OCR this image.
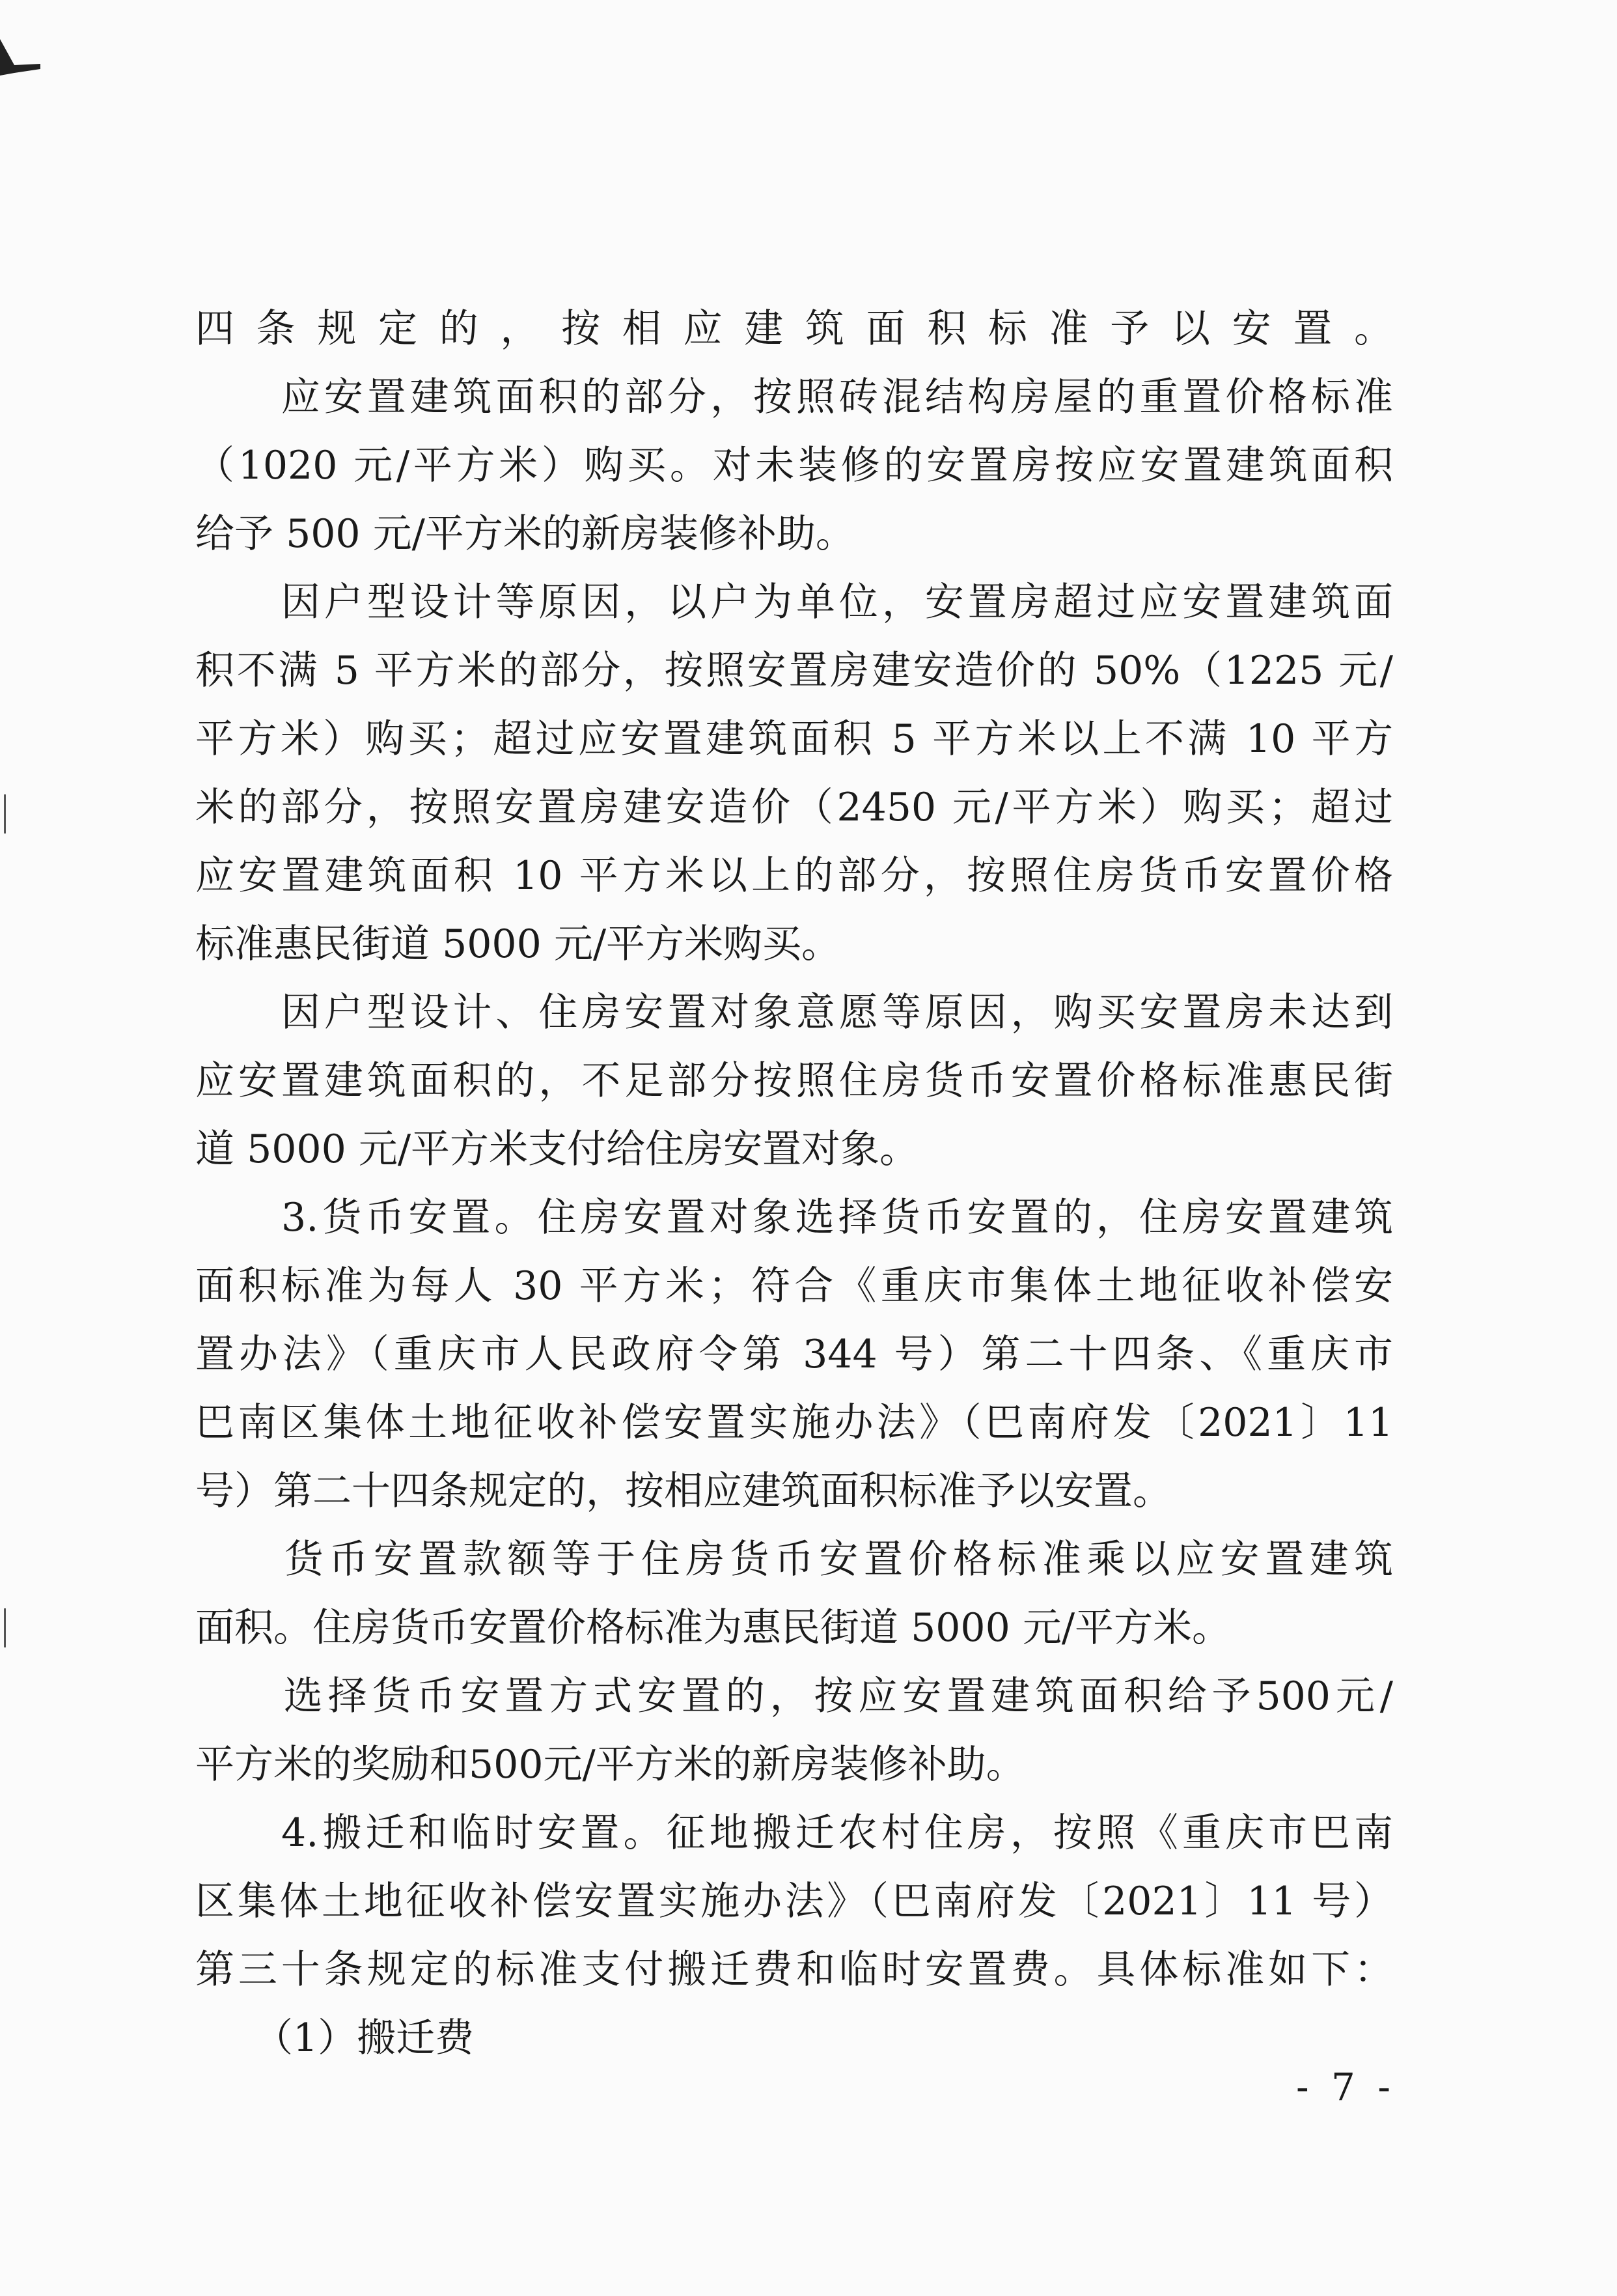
四条规定的，按相应建筑面积标准予以安置。
　　应安置建筑面积的部分，按照砖混结构房屋的重置价格标准
（1020 元/平方米）购买。对未装修的安置房按应安置建筑面积
给予 500 元/平方米的新房装修补助。
　　因户型设计等原因，以户为单位，安置房超过应安置建筑面
积不满 5 平方米的部分，按照安置房建安造价的 50%（1225 元/
平方米）购买；超过应安置建筑面积 5 平方米以上不满 10 平方
米的部分，按照安置房建安造价（2450 元/平方米）购买；超过
应安置建筑面积 10 平方米以上的部分，按照住房货币安置价格
标准惠民街道 5000 元/平方米购买。
　　因户型设计、住房安置对象意愿等原因，购买安置房未达到
应安置建筑面积的，不足部分按照住房货币安置价格标准惠民街
道 5000 元/平方米支付给住房安置对象。
　　3.货币安置。住房安置对象选择货币安置的，住房安置建筑
面积标准为每人 30 平方米；符合《重庆市集体土地征收补偿安
置办法》（重庆市人民政府令第 344 号）第二十四条、《重庆市
巴南区集体土地征收补偿安置实施办法》（巴南府发〔2021〕11
号）第二十四条规定的，按相应建筑面积标准予以安置。
　　货币安置款额等于住房货币安置价格标准乘以应安置建筑
面积。住房货币安置价格标准为惠民街道 5000 元/平方米。
　　选择货币安置方式安置的，按应安置建筑面积给予500元/
平方米的奖励和500元/平方米的新房装修补助。
　　4.搬迁和临时安置。征地搬迁农村住房，按照《重庆市巴南
区集体土地征收补偿安置实施办法》（巴南府发〔2021〕11 号）
第三十条规定的标准支付搬迁费和临时安置费。具体标准如下：
　　（1）搬迁费
- 7 -
